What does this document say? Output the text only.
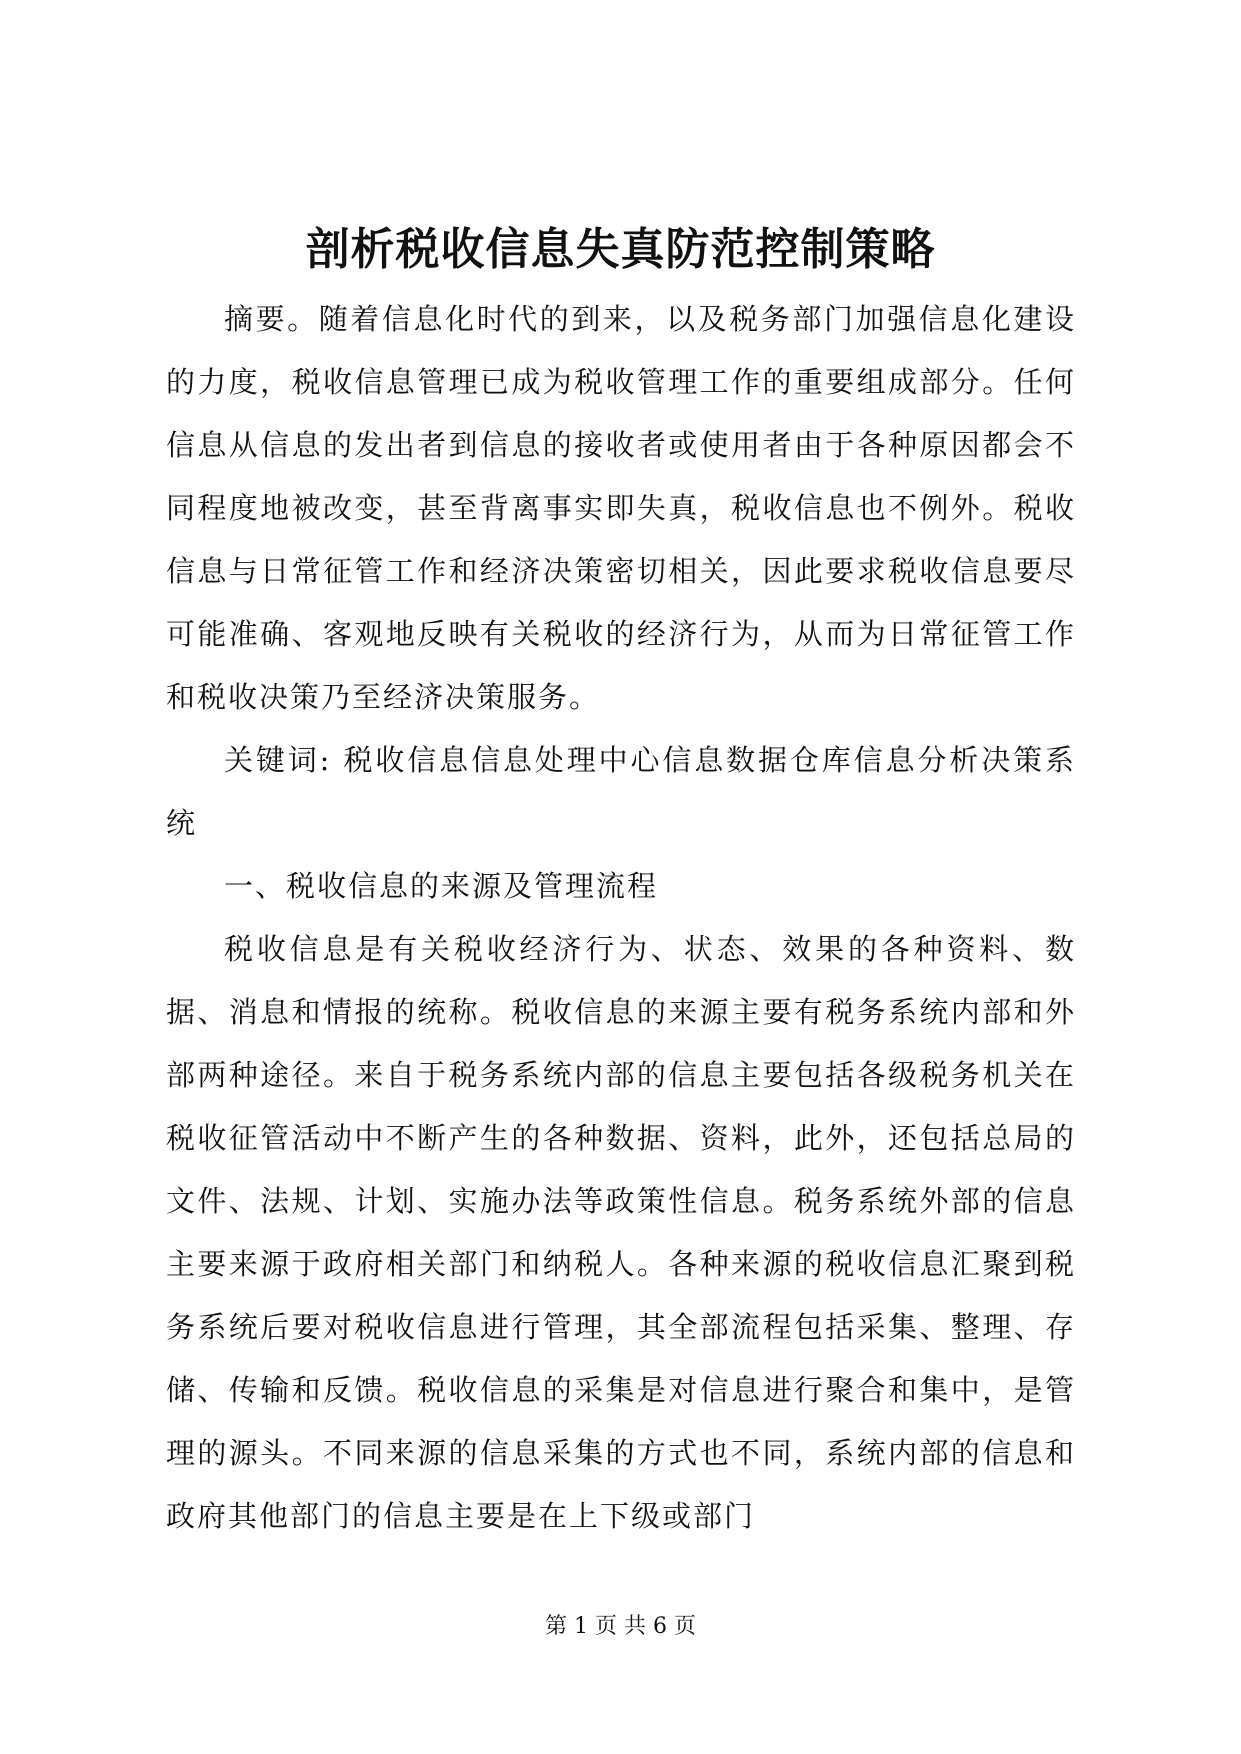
剖析税收信息失真防范控制策略

摘要。随着信息化时代的到来，以及税务部门加强信息化建设的力度，税收信息管理已成为税收管理工作的重要组成部分。任何信息从信息的发出者到信息的接收者或使用者由于各种原因都会不同程度地被改变，甚至背离事实即失真，税收信息也不例外。税收信息与日常征管工作和经济决策密切相关，因此要求税收信息要尽可能准确、客观地反映有关税收的经济行为，从而为日常征管工作和税收决策乃至经济决策服务。

关键词: 税收信息信息处理中心信息数据仓库信息分析决策系统

一、税收信息的来源及管理流程

税收信息是有关税收经济行为、状态、效果的各种资料、数据、消息和情报的统称。税收信息的来源主要有税务系统内部和外部两种途径。来自于税务系统内部的信息主要包括各级税务机关在税收征管活动中不断产生的各种数据、资料，此外，还包括总局的文件、法规、计划、实施办法等政策性信息。税务系统外部的信息主要来源于政府相关部门和纳税人。各种来源的税收信息汇聚到税务系统后要对税收信息进行管理，其全部流程包括采集、整理、存储、传输和反馈。税收信息的采集是对信息进行聚合和集中，是管理的源头。不同来源的信息采集的方式也不同，系统内部的信息和政府其他部门的信息主要是在上下级或部门

第 1 页 共 6 页
